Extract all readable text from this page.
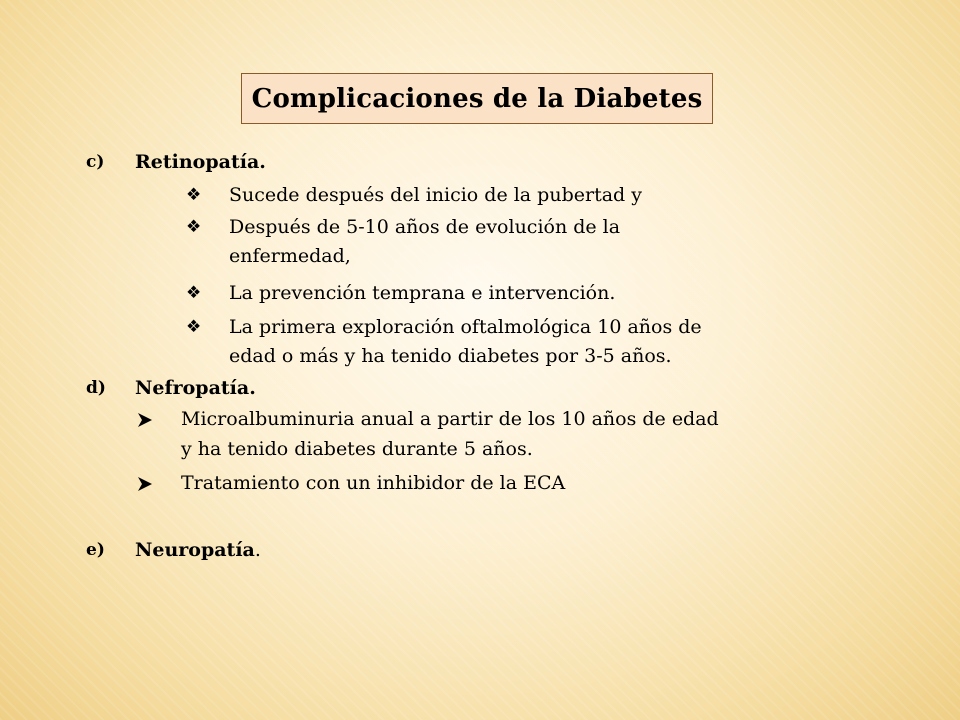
Complicaciones de la Diabetes
c) Retinopatía.
❖ Sucede después del inicio de la pubertad y
❖ Después de 5-10 años de evolución de la
enfermedad,
❖ La prevención temprana e intervención.
❖ La primera exploración oftalmológica 10 años de
edad o más y ha tenido diabetes por 3-5 años.
d) Nefropatía.
Microalbuminuria anual a partir de los 10 años de edad
y ha tenido diabetes durante 5 años.
Tratamiento con un inhibidor de la ECA
e) Neuropatía.
